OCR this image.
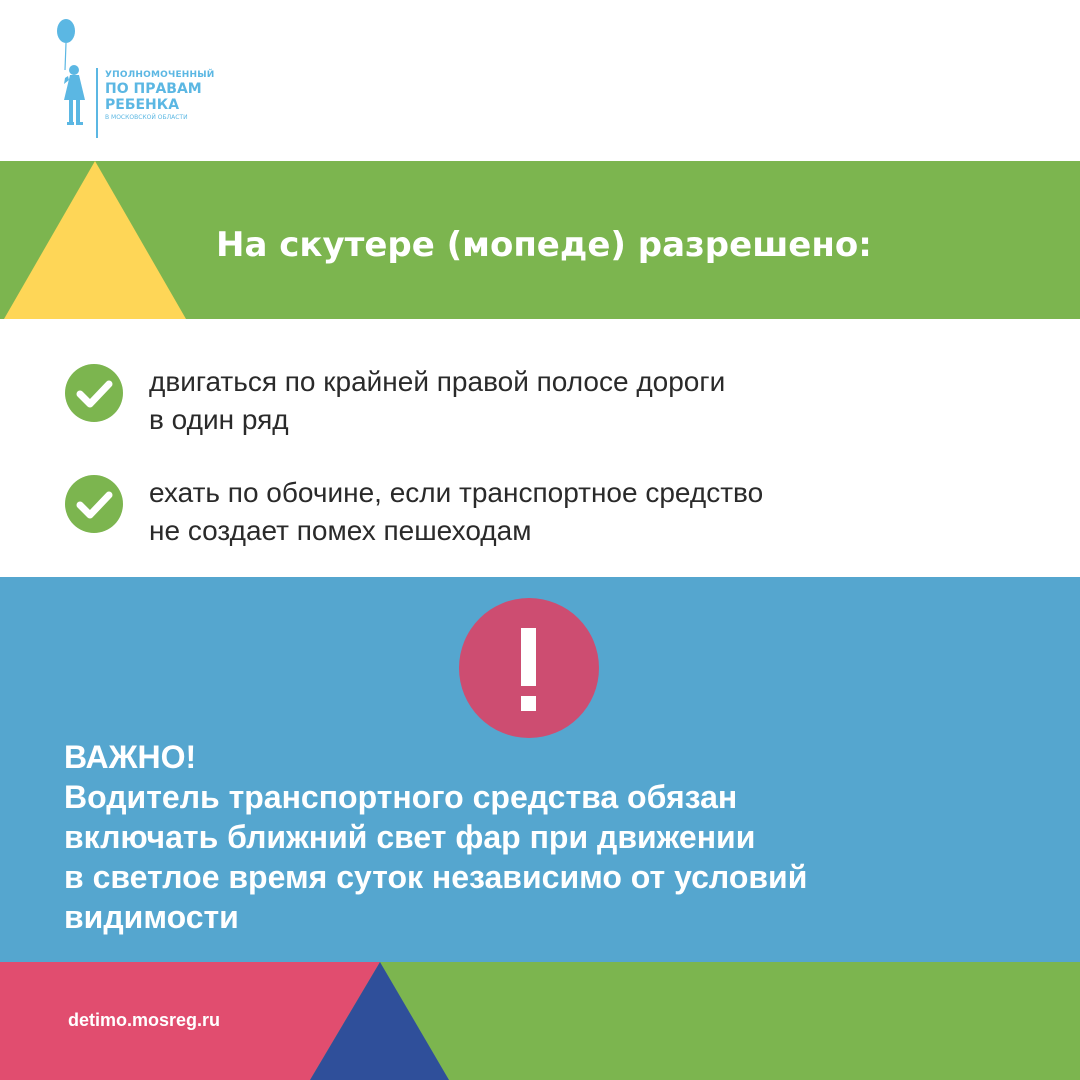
УПОЛНОМОЧЕННЫЙ
ПО ПРАВАМ
РЕБЕНКА
В МОСКОВСКОЙ ОБЛАСТИ
На скутере (мопеде) разрешено:
двигаться по крайней правой полосе дороги
в один ряд
ехать по обочине, если транспортное средство
не создает помех пешеходам
ВАЖНО!
Водитель транспортного средства обязан
включать ближний свет фар при движении
в светлое время суток независимо от условий
видимости
detimo.mosreg.ru
